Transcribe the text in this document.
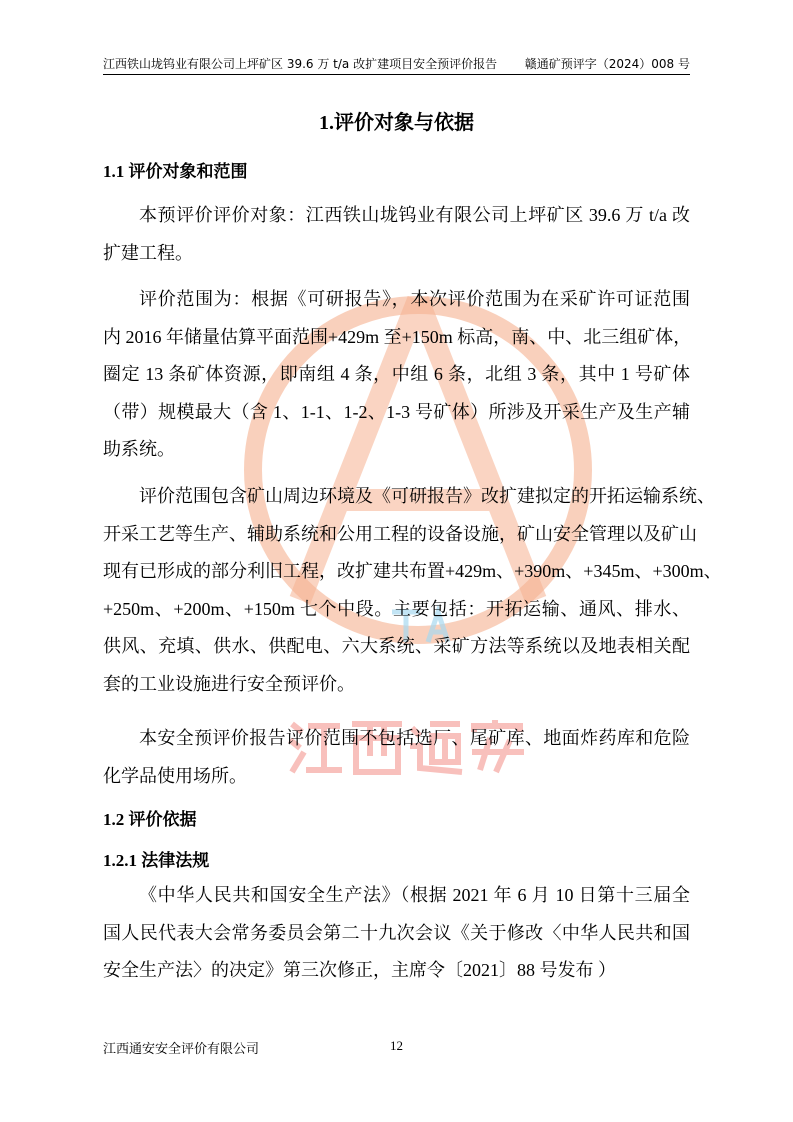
江西铁山垅钨业有限公司上坪矿区 39.6 万 t/a 改扩建项目安全预评价报告 赣通矿预评字（2024）008 号
1.评价对象与依据
1.1 评价对象和范围
本预评价评价对象：江西铁山垅钨业有限公司上坪矿区 39.6 万 t/a 改
扩建工程。
评价范围为：根据《可研报告》，本次评价范围为在采矿许可证范围
内 2016 年储量估算平面范围+429m 至+150m 标高，南、中、北三组矿体，
圈定 13 条矿体资源，即南组 4 条，中组 6 条，北组 3 条，其中 1 号矿体
（带）规模最大（含 1、1-1、1-2、1-3 号矿体）所涉及开采生产及生产辅
助系统。
评价范围包含矿山周边环境及《可研报告》改扩建拟定的开拓运输系统、
开采工艺等生产、辅助系统和公用工程的设备设施，矿山安全管理以及矿山
现有已形成的部分利旧工程，改扩建共布置+429m、+390m、+345m、+300m、
+250m、+200m、+150m 七个中段。主要包括：开拓运输、通风、排水、
供风、充填、供水、供配电、六大系统、采矿方法等系统以及地表相关配
套的工业设施进行安全预评价。
本安全预评价报告评价范围不包括选厂、尾矿库、地面炸药库和危险
化学品使用场所。
1.2 评价依据
1.2.1 法律法规
《中华人民共和国安全生产法》（根据 2021 年 6 月 10 日第十三届全
国人民代表大会常务委员会第二十九次会议《关于修改〈中华人民共和国
安全生产法〉的决定》第三次修正，主席令〔2021〕88 号发布 ）
江西通安安全评价有限公司	12
